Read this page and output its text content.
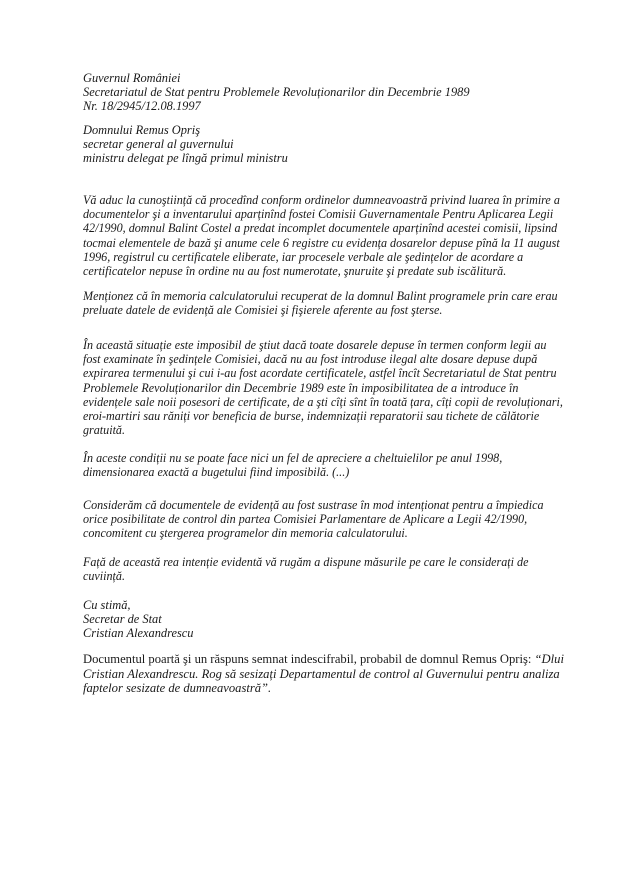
Guvernul României
Secretariatul de Stat pentru Problemele Revoluționarilor din Decembrie 1989
Nr. 18/2945/12.08.1997
Domnului Remus Opriş
secretar general al guvernului
ministru delegat pe lîngă primul ministru
Vă aduc la cunoştiință că procedînd conform ordinelor dumneavoastră privind luarea în primire a
documentelor şi a inventarului aparținînd fostei Comisii Guvernamentale Pentru Aplicarea Legii
42/1990, domnul Balint Costel a predat incomplet documentele aparținînd acestei comisii, lipsind
tocmai elementele de bază şi anume cele 6 registre cu evidența dosarelor depuse pînă la 11 august
1996, registrul cu certificatele eliberate, iar procesele verbale ale şedințelor de acordare a
certificatelor nepuse în ordine nu au fost numerotate, şnuruite şi predate sub iscălitură.
Menționez că în memoria calculatorului recuperat de la domnul Balint programele prin care erau
preluate datele de evidență ale Comisiei şi fişierele aferente au fost şterse.
În această situație este imposibil de ştiut dacă toate dosarele depuse în termen conform legii au
fost examinate în şedințele Comisiei, dacă nu au fost introduse ilegal alte dosare depuse după
expirarea termenului şi cui i-au fost acordate certificatele, astfel încît Secretariatul de Stat pentru
Problemele Revoluționarilor din Decembrie 1989 este în imposibilitatea de a introduce în
evidențele sale noii posesori de certificate, de a şti cîți sînt în toată țara, cîți copii de revoluționari,
eroi-martiri sau răniți vor beneficia de burse, indemnizații reparatorii sau tichete de călătorie
gratuită.
În aceste condiții nu se poate face nici un fel de apreciere a cheltuielilor pe anul 1998,
dimensionarea exactă a bugetului fiind imposibilă. (...)
Considerăm că documentele de evidență au fost sustrase în mod intenționat pentru a împiedica
orice posibilitate de control din partea Comisiei Parlamentare de Aplicare a Legii 42/1990,
concomitent cu ştergerea programelor din memoria calculatorului.
Față de această rea intenție evidentă vă rugăm a dispune măsurile pe care le considerați de
cuviință.
Cu stimă,
Secretar de Stat
Cristian Alexandrescu
Documentul poartă şi un răspuns semnat indescifrabil, probabil de domnul Remus Opriş: “Dlui
Cristian Alexandrescu. Rog să sesizați Departamentul de control al Guvernului pentru analiza
faptelor sesizate de dumneavoastră”.
